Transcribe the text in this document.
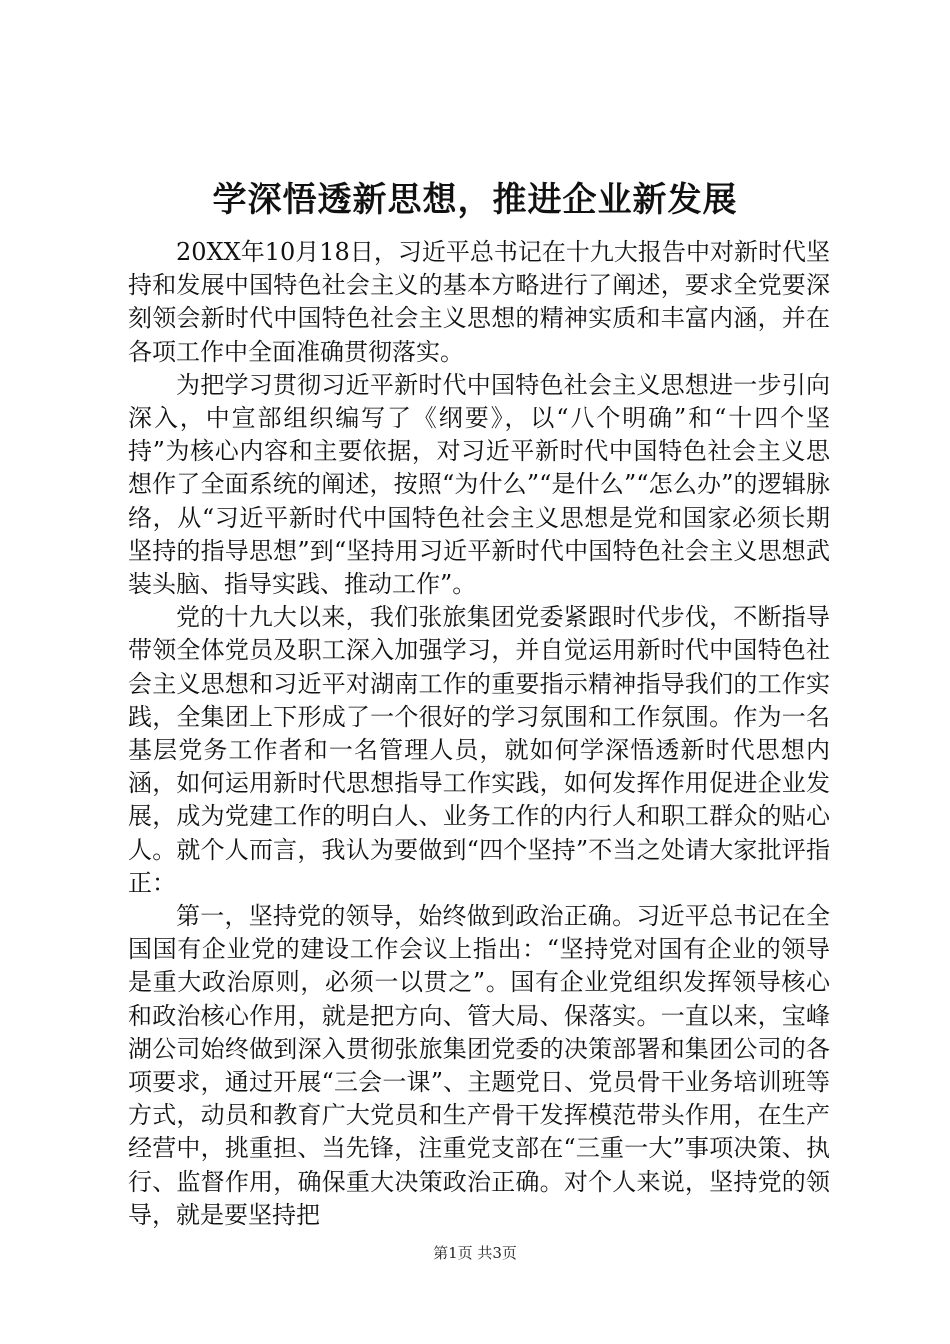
学深悟透新思想，推进企业新发展

20XX年10月18日，习近平总书记在十九大报告中对新时代坚持和发展中国特色社会主义的基本方略进行了阐述，要求全党要深刻领会新时代中国特色社会主义思想的精神实质和丰富内涵，并在各项工作中全面准确贯彻落实。

为把学习贯彻习近平新时代中国特色社会主义思想进一步引向深入，中宣部组织编写了《纲要》，以“八个明确”和“十四个坚持”为核心内容和主要依据，对习近平新时代中国特色社会主义思想作了全面系统的阐述，按照“为什么”“是什么”“怎么办”的逻辑脉络，从“习近平新时代中国特色社会主义思想是党和国家必须长期坚持的指导思想”到“坚持用习近平新时代中国特色社会主义思想武装头脑、指导实践、推动工作”。

党的十九大以来，我们张旅集团党委紧跟时代步伐，不断指导带领全体党员及职工深入加强学习，并自觉运用新时代中国特色社会主义思想和习近平对湖南工作的重要指示精神指导我们的工作实践，全集团上下形成了一个很好的学习氛围和工作氛围。作为一名基层党务工作者和一名管理人员，就如何学深悟透新时代思想内涵，如何运用新时代思想指导工作实践，如何发挥作用促进企业发展，成为党建工作的明白人、业务工作的内行人和职工群众的贴心人。就个人而言，我认为要做到“四个坚持”不当之处请大家批评指正：

第一，坚持党的领导，始终做到政治正确。习近平总书记在全国国有企业党的建设工作会议上指出：“坚持党对国有企业的领导是重大政治原则，必须一以贯之”。国有企业党组织发挥领导核心和政治核心作用，就是把方向、管大局、保落实。一直以来，宝峰湖公司始终做到深入贯彻张旅集团党委的决策部署和集团公司的各项要求，通过开展“三会一课”、主题党日、党员骨干业务培训班等方式，动员和教育广大党员和生产骨干发挥模范带头作用，在生产经营中，挑重担、当先锋，注重党支部在“三重一大”事项决策、执行、监督作用，确保重大决策政治正确。对个人来说，坚持党的领导，就是要坚持把

第1页 共3页
